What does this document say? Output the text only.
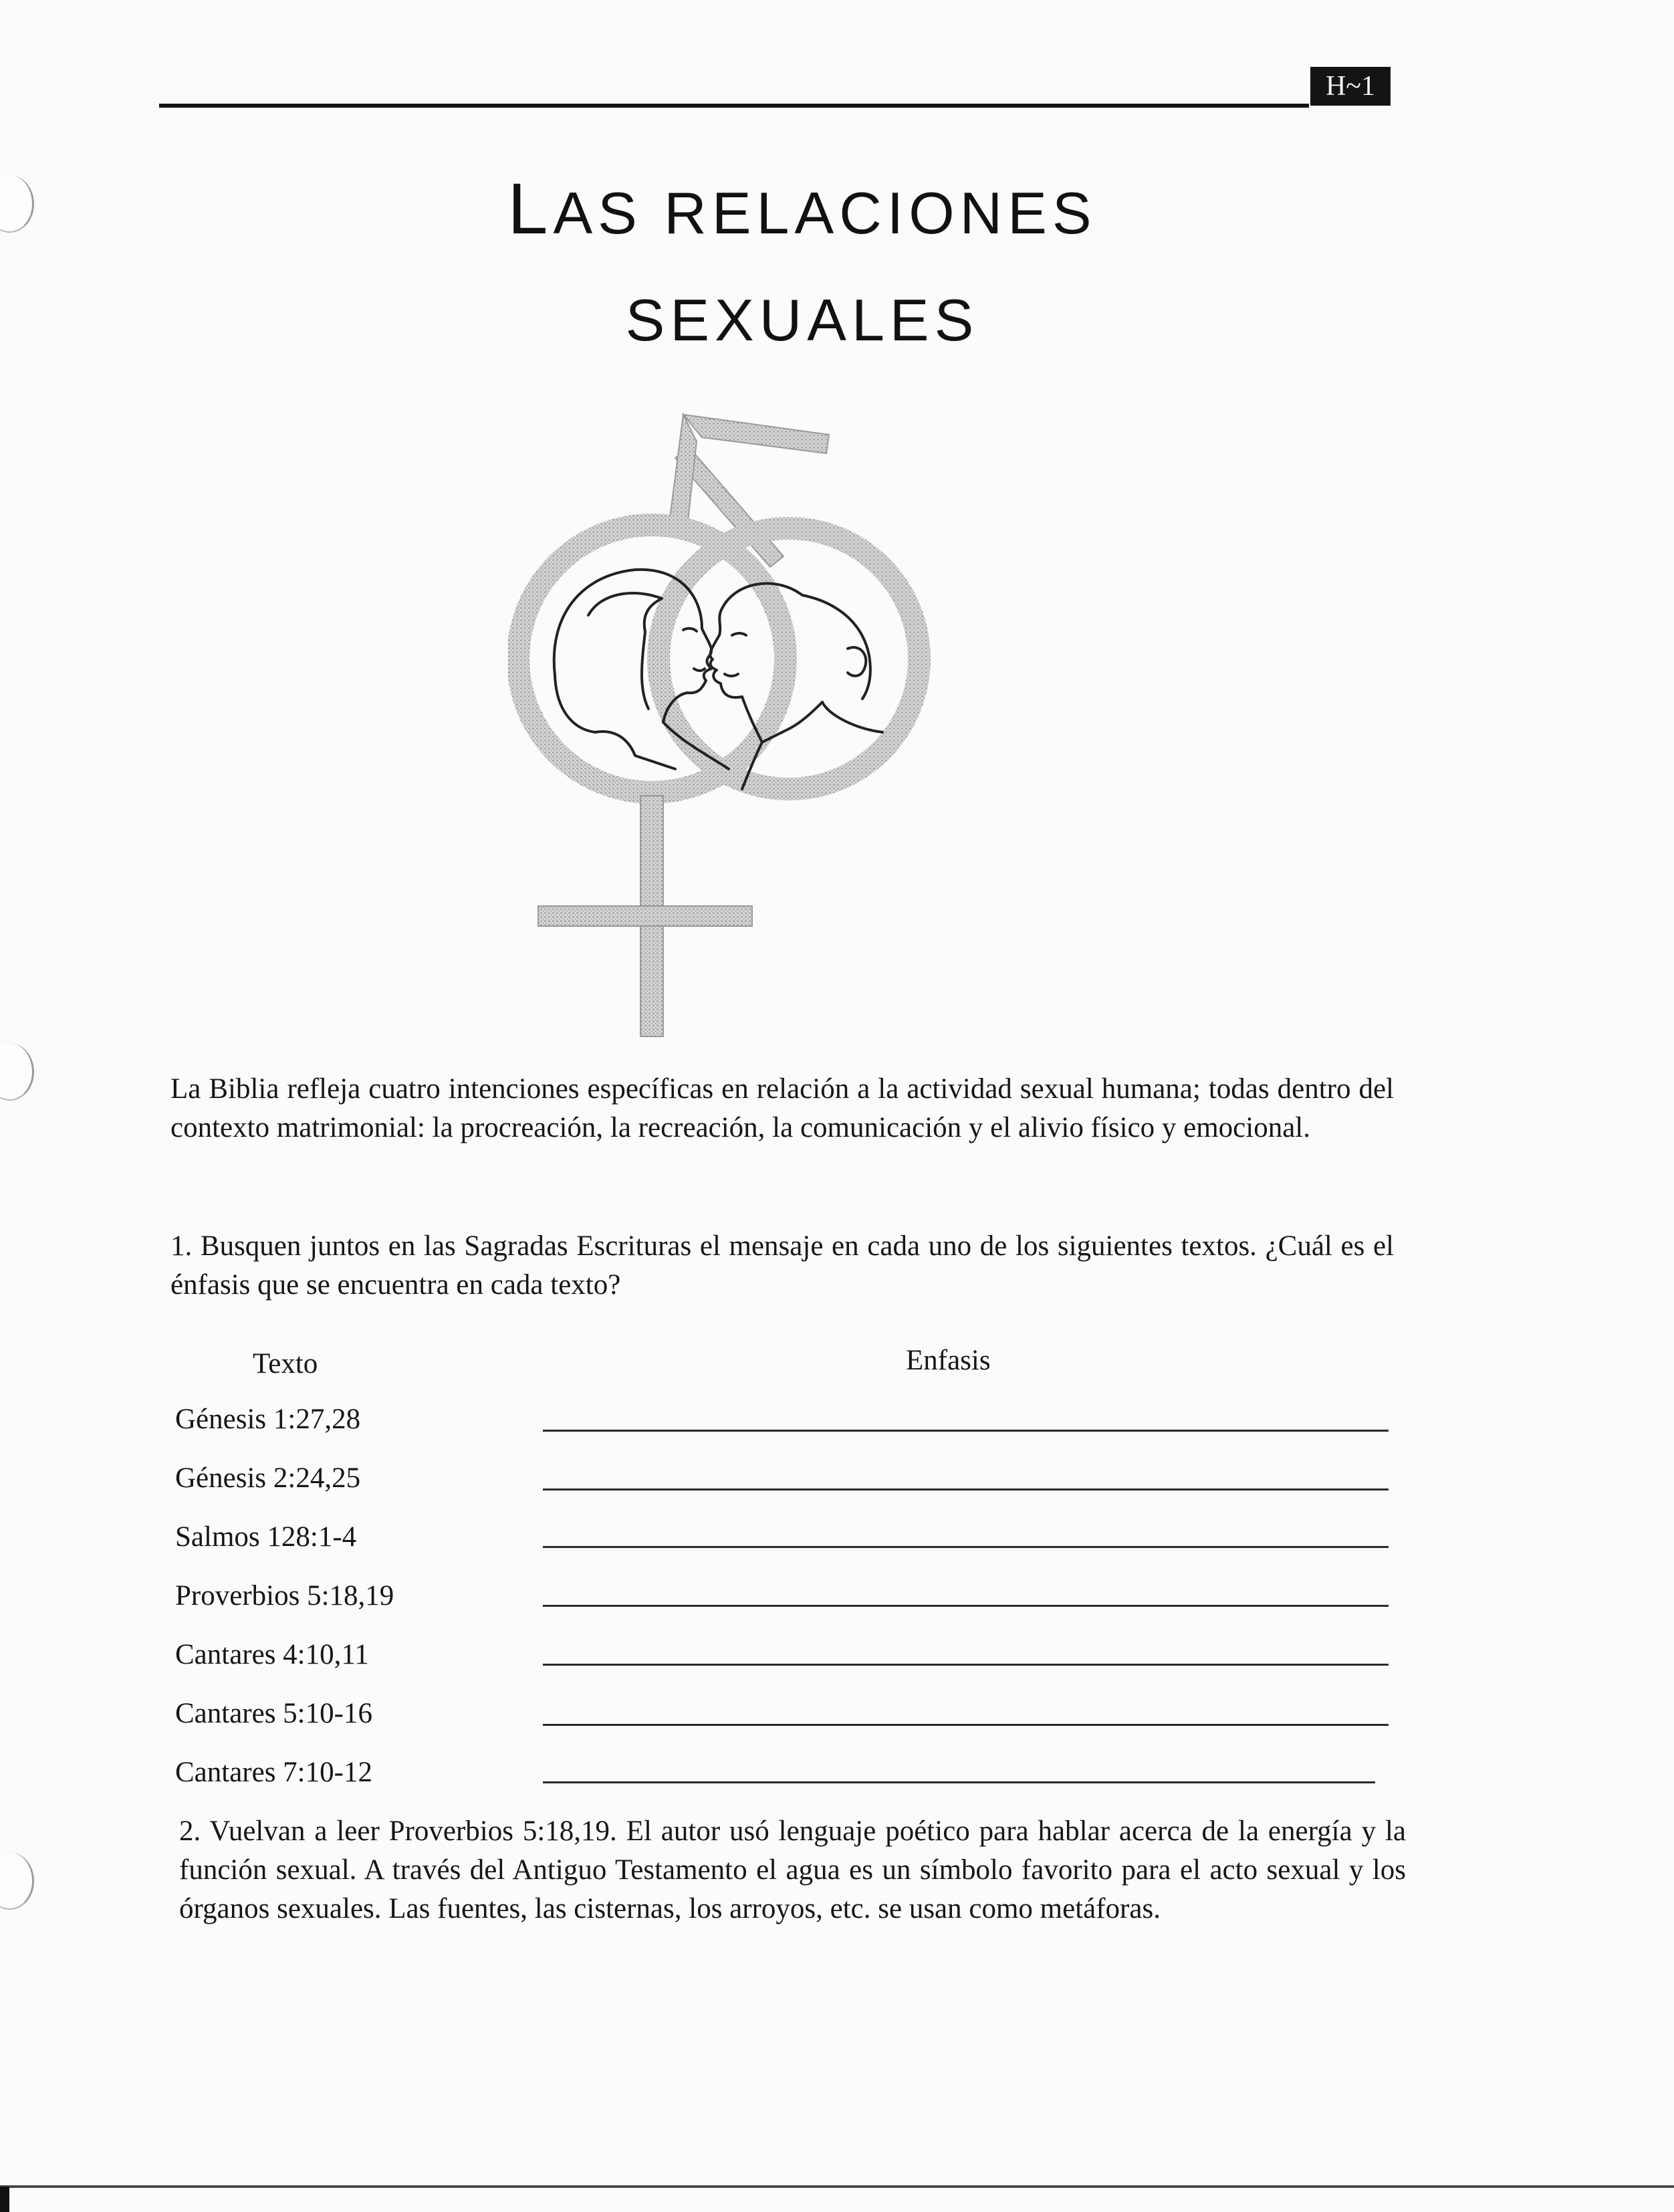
H~1
LAS RELACIONES
SEXUALES
La Biblia refleja cuatro intenciones específicas en relación a la actividad sexual humana; todas dentro del contexto matrimonial: la procreación, la recreación, la comunicación y el alivio físico y emocional.
1. Busquen juntos en las Sagradas Escrituras el mensaje en cada uno de los siguientes textos. ¿Cuál es el énfasis que se encuentra en cada texto?
Texto	Enfasis
Génesis 1:27,28
Génesis 2:24,25
Salmos 128:1-4
Proverbios 5:18,19
Cantares 4:10,11
Cantares 5:10-16
Cantares 7:10-12
2. Vuelvan a leer Proverbios 5:18,19. El autor usó lenguaje poético para hablar acerca de la energía y la función sexual. A través del Antiguo Testamento el agua es un símbolo favorito para el acto sexual y los órganos sexuales. Las fuentes, las cisternas, los arroyos, etc. se usan como metáforas.
